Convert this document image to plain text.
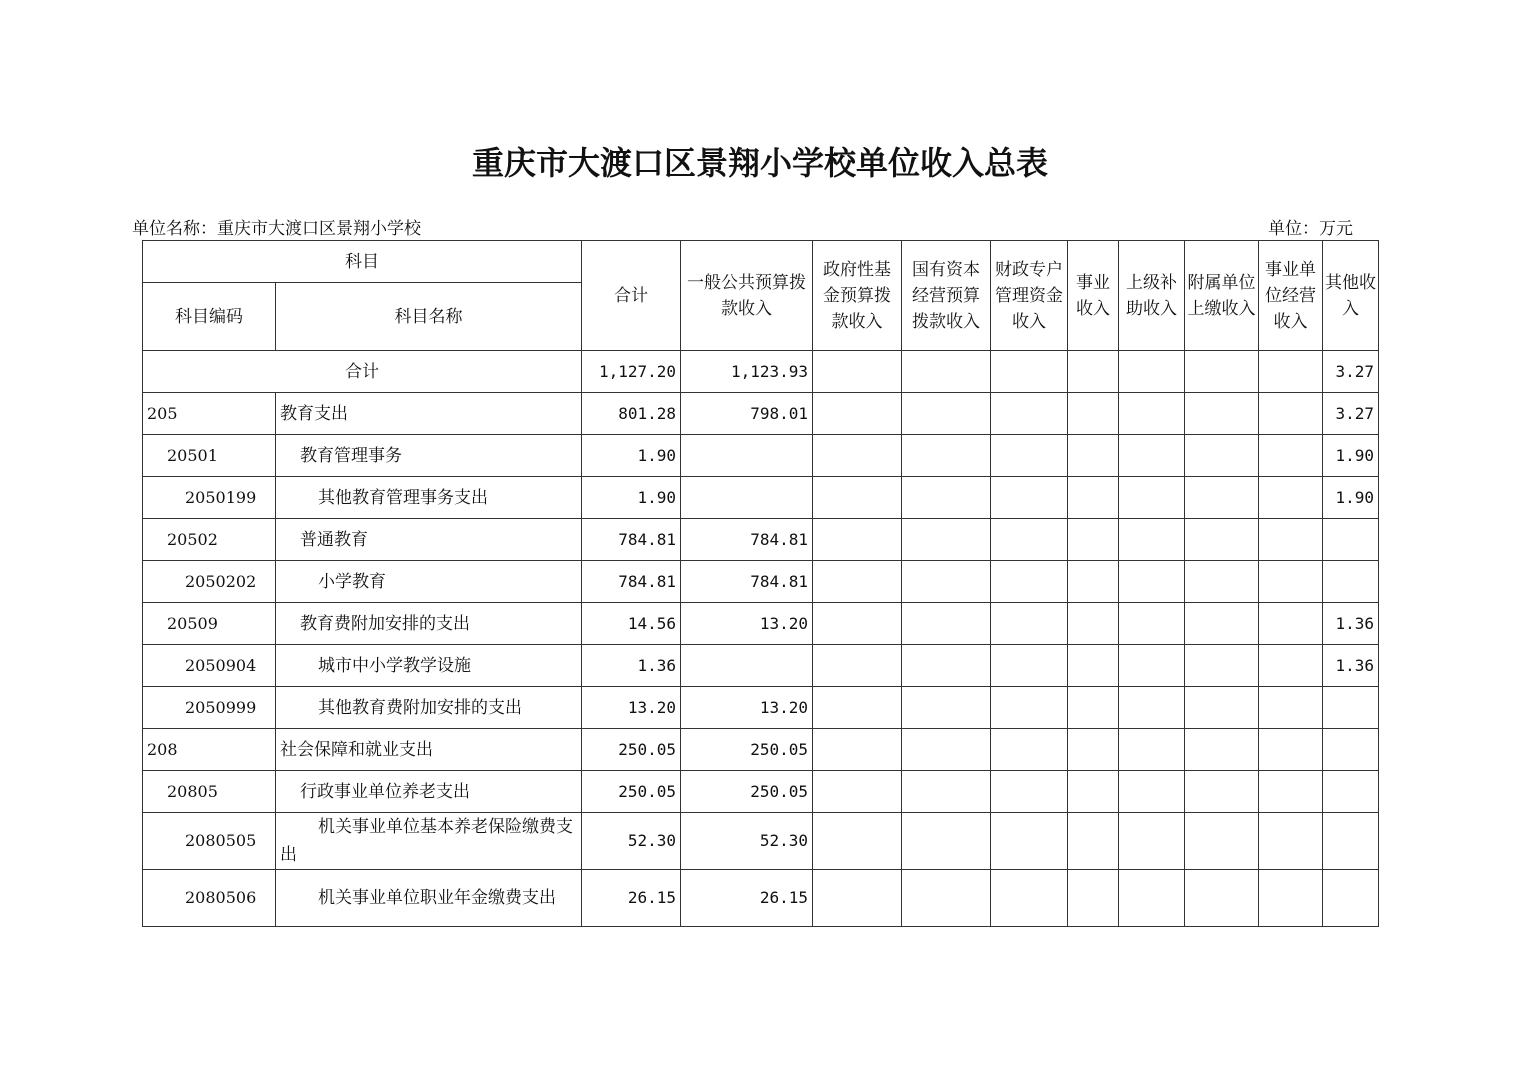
重庆市大渡口区景翔小学校单位收入总表
单位名称：重庆市大渡口区景翔小学校	单位：万元
科目		合计	一般公共预算拨款收入	政府性基金预算拨款收入	国有资本经营预算拨款收入	财政专户管理资金收入	事业收入	上级补助收入	附属单位上缴收入	事业单位经营收入	其他收入
科目编码	科目名称										
合计		1,127.20	1,123.93								3.27
205	教育支出	801.28	798.01								3.27
20501	教育管理事务	1.90									1.90
2050199	其他教育管理事务支出	1.90									1.90
20502	普通教育	784.81	784.81								
2050202	小学教育	784.81	784.81								
20509	教育费附加安排的支出	14.56	13.20								1.36
2050904	城市中小学教学设施	1.36									1.36
2050999	其他教育费附加安排的支出	13.20	13.20								
208	社会保障和就业支出	250.05	250.05								
20805	行政事业单位养老支出	250.05	250.05								
2080505	机关事业单位基本养老保险缴费支出	52.30	52.30								
2080506	机关事业单位职业年金缴费支出	26.15	26.15								
